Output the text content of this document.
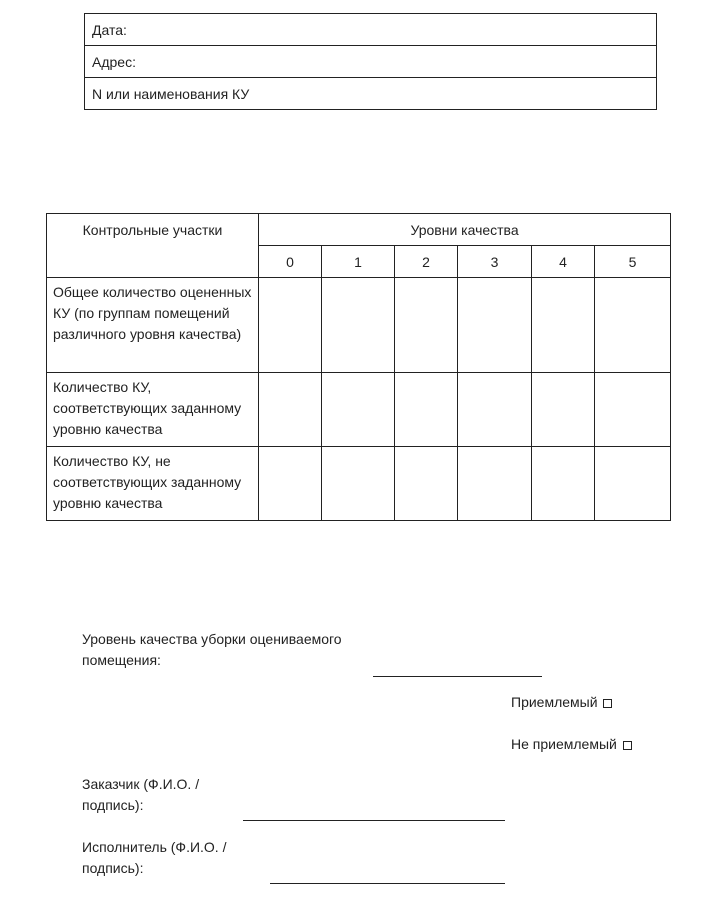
Дата:
Адрес:
N или наименования КУ
Контрольные участки	Уровни качества					
	0	1	2	3	4	5
Общее количество оцененных КУ (по группам помещений различного уровня качества)						
Количество КУ, соответствующих заданному уровню качества						
Количество КУ, не соответствующих заданному уровню качества						
Уровень качества уборки оцениваемого помещения:
Приемлемый
Не приемлемый
Заказчик (Ф.И.О. / подпись):
Исполнитель (Ф.И.О. / подпись):
